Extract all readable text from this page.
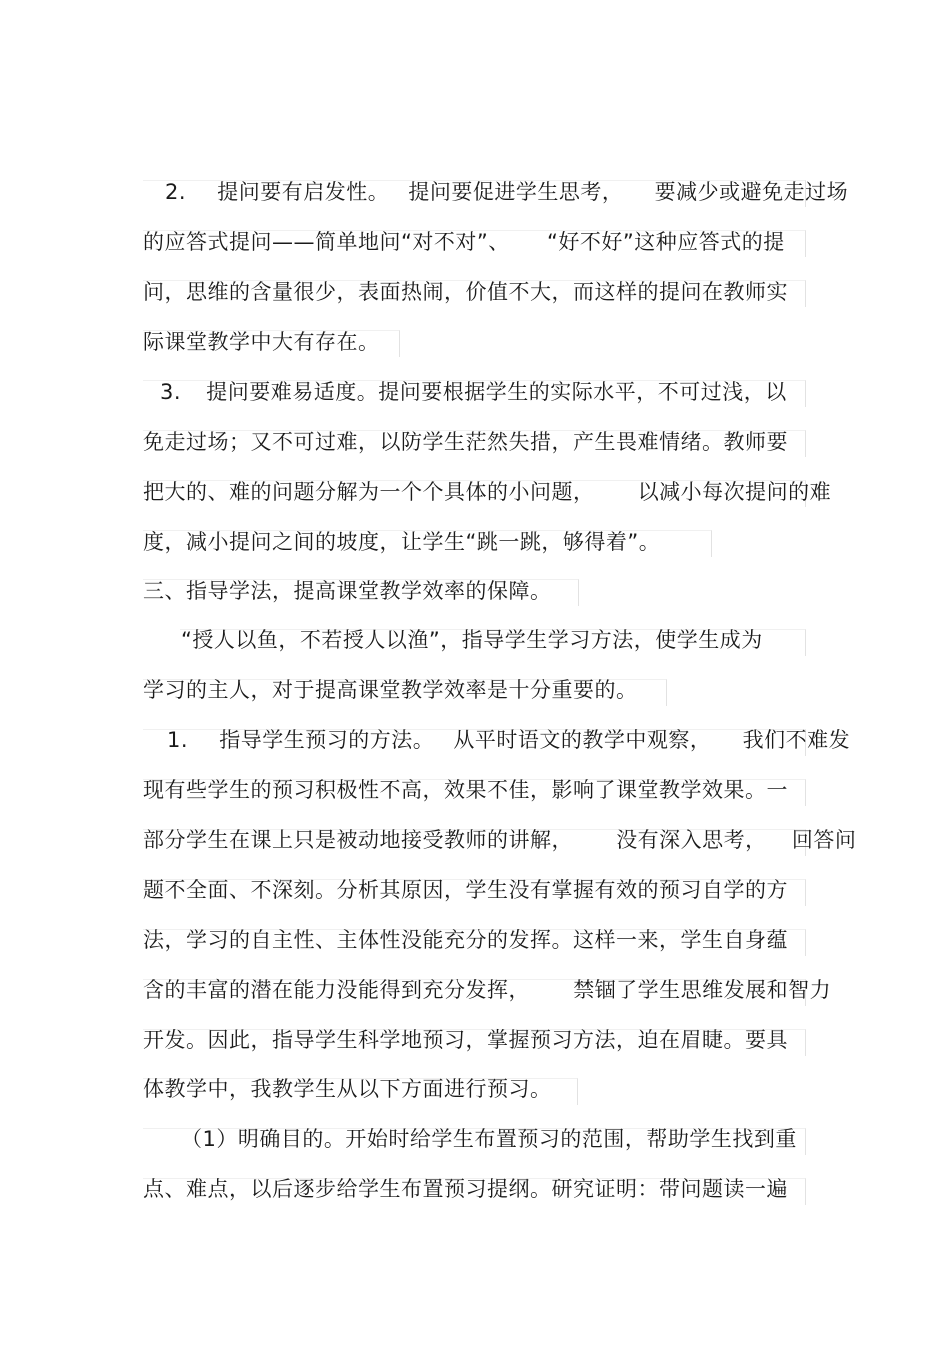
2. 提问要有启发性。 提问要促进学生思考， 要减少或避免走过场
的应答式提问——简单地问“对不对”、 “好不好”这种应答式的提
问，思维的含量很少，表面热闹，价值不大，而这样的提问在教师实
际课堂教学中大有存在。
3. 提问要难易适度。提问要根据学生的实际水平，不可过浅，以
免走过场；又不可过难，以防学生茫然失措，产生畏难情绪。教师要
把大的、难的问题分解为一个个具体的小问题， 以减小每次提问的难
度，减小提问之间的坡度，让学生“跳一跳，够得着”。
三、指导学法，提高课堂教学效率的保障。
“授人以鱼，不若授人以渔”，指导学生学习方法，使学生成为
学习的主人，对于提高课堂教学效率是十分重要的。
1. 指导学生预习的方法。 从平时语文的教学中观察， 我们不难发
现有些学生的预习积极性不高，效果不佳，影响了课堂教学效果。一
部分学生在课上只是被动地接受教师的讲解， 没有深入思考， 回答问
题不全面、不深刻。分析其原因，学生没有掌握有效的预习自学的方
法，学习的自主性、主体性没能充分的发挥。这样一来，学生自身蕴
含的丰富的潜在能力没能得到充分发挥， 禁锢了学生思维发展和智力
开发。因此，指导学生科学地预习，掌握预习方法，迫在眉睫。要具
体教学中，我教学生从以下方面进行预习。
（1）明确目的。开始时给学生布置预习的范围，帮助学生找到重
点、难点，以后逐步给学生布置预习提纲。研究证明：带问题读一遍
